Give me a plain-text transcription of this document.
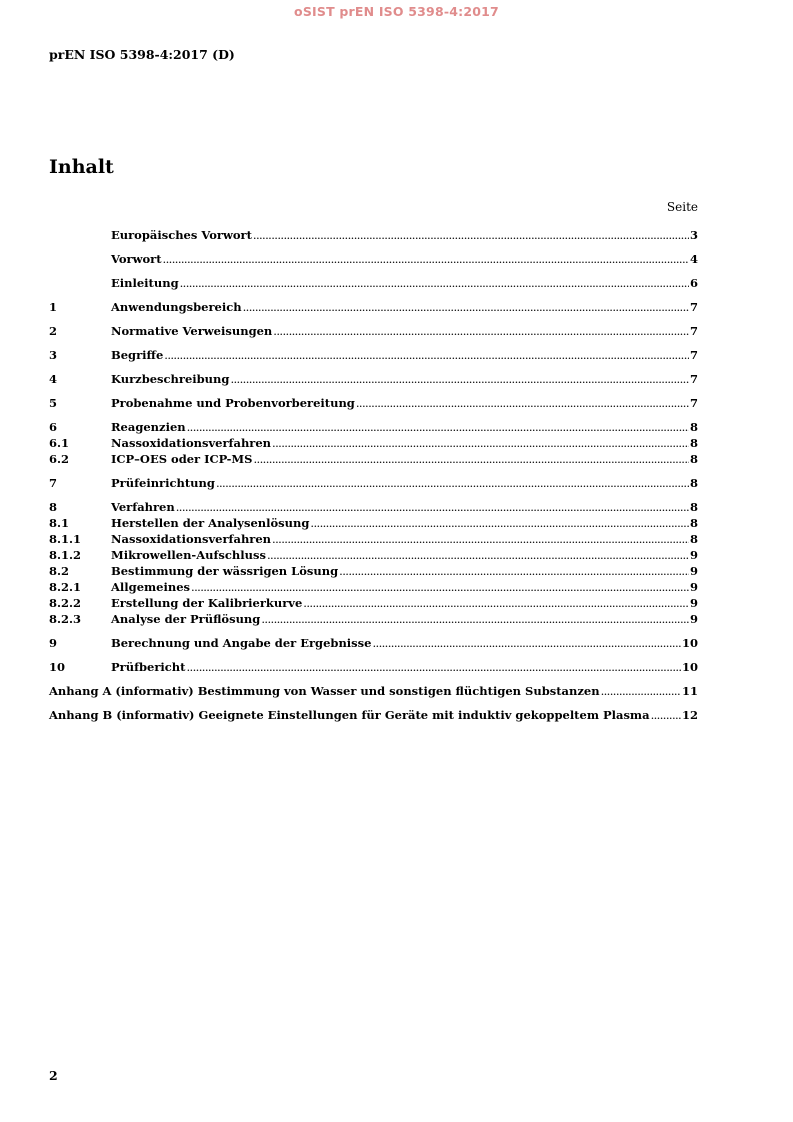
oSIST prEN ISO 5398-4:2017
prEN ISO 5398-4:2017 (D)
Inhalt
Seite
Europäisches Vorwort .....	3
Vorwort .....	4
Einleitung .....	6
1	Anwendungsbereich .....	7
2	Normative Verweisungen .....	7
3	Begriffe .....	7
4	Kurzbeschreibung .....	7
5	Probenahme und Probenvorbereitung .....	7
6	Reagenzien .....	8
6.1	Nassoxidationsverfahren .....	8
6.2	ICP–OES oder ICP-MS .....	8
7	Prüfeinrichtung .....	8
8	Verfahren .....	8
8.1	Herstellen der Analysenlösung .....	8
8.1.1	Nassoxidationsverfahren .....	8
8.1.2	Mikrowellen-Aufschluss .....	9
8.2	Bestimmung der wässrigen Lösung .....	9
8.2.1	Allgemeines .....	9
8.2.2	Erstellung der Kalibrierkurve .....	9
8.2.3	Analyse der Prüflösung .....	9
9	Berechnung und Angabe der Ergebnisse .....	10
10	Prüfbericht .....	10
Anhang A (informativ) Bestimmung von Wasser und sonstigen flüchtigen Substanzen .....	11
Anhang B (informativ) Geeignete Einstellungen für Geräte mit induktiv gekoppeltem Plasma .....	12
2
